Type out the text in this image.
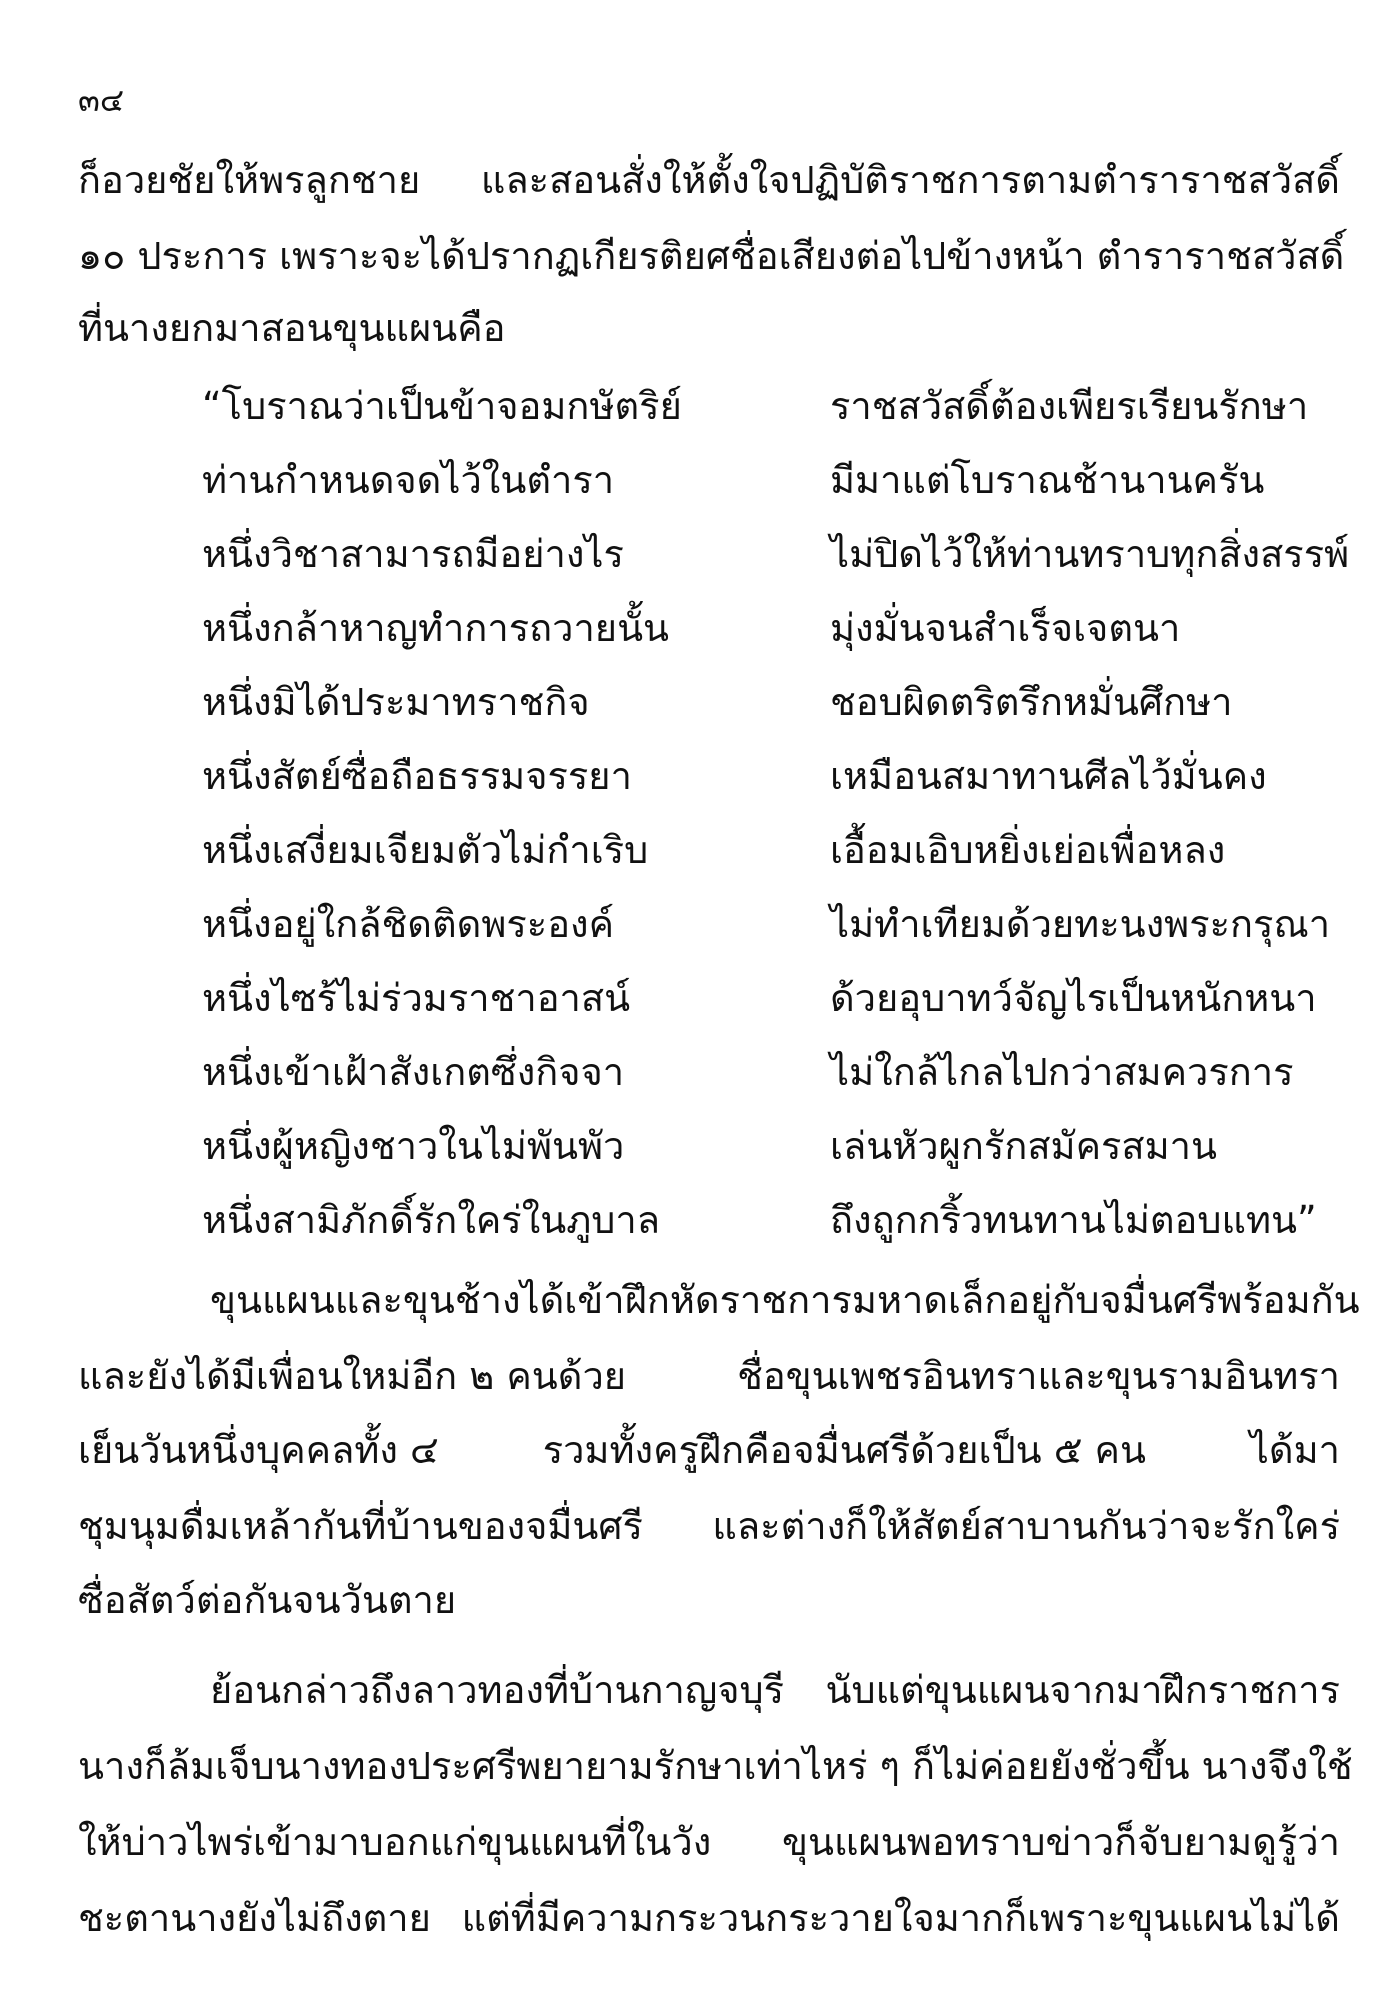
๓๔
ก็อวยชัยให้พรลูกชาย และสอนสั่งให้ตั้งใจปฏิบัติราชการตามตำราราชสวัสดิ์
๑๐ ประการ เพราะจะได้ปรากฏเกียรติยศชื่อเสียงต่อไปข้างหน้า ตำราราชสวัสดิ์
ที่นางยกมาสอนขุนแผนคือ
“โบราณว่าเป็นข้าจอมกษัตริย์	ราชสวัสดิ์ต้องเพียรเรียนรักษา
ท่านกำหนดจดไว้ในตำรา	มีมาแต่โบราณช้านานครัน
หนึ่งวิชาสามารถมีอย่างไร	ไม่ปิดไว้ให้ท่านทราบทุกสิ่งสรรพ์
หนึ่งกล้าหาญทำการถวายนั้น	มุ่งมั่นจนสำเร็จเจตนา
หนึ่งมิได้ประมาทราชกิจ	ชอบผิดตริตรึกหมั่นศึกษา
หนึ่งสัตย์ซื่อถือธรรมจรรยา	เหมือนสมาทานศีลไว้มั่นคง
หนึ่งเสงี่ยมเจียมตัวไม่กำเริบ	เอื้อมเอิบหยิ่งเย่อเพื่อหลง
หนึ่งอยู่ใกล้ชิดติดพระองค์	ไม่ทำเทียมด้วยทะนงพระกรุณา
หนึ่งไซร้ไม่ร่วมราชาอาสน์	ด้วยอุบาทว์จัญไรเป็นหนักหนา
หนึ่งเข้าเฝ้าสังเกตซึ่งกิจจา	ไม่ใกล้ไกลไปกว่าสมควรการ
หนึ่งผู้หญิงชาวในไม่พันพัว	เล่นหัวผูกรักสมัครสมาน
หนึ่งสามิภักดิ์รักใคร่ในภูบาล	ถึงถูกกริ้วทนทานไม่ตอบแทน”
ขุนแผนและขุนช้างได้เข้าฝึกหัดราชการมหาดเล็กอยู่กับจมื่นศรีพร้อมกัน
และยังได้มีเพื่อนใหม่อีก ๒ คนด้วย	ชื่อขุนเพชรอินทราและขุนรามอินทรา
เย็นวันหนึ่งบุคคลทั้ง ๔	รวมทั้งครูฝึกคือจมื่นศรีด้วยเป็น ๕ คน	ได้มา
ชุมนุมดื่มเหล้ากันที่บ้านของจมื่นศรี และต่างก็ให้สัตย์สาบานกันว่าจะรักใคร่
ซื่อสัตว์ต่อกันจนวันตาย
ย้อนกล่าวถึงลาวทองที่บ้านกาญจบุรี นับแต่ขุนแผนจากมาฝึกราชการ
นางก็ล้มเจ็บนางทองประศรีพยายามรักษาเท่าไหร่ ๆ ก็ไม่ค่อยยังชั่วขึ้น นางจึงใช้
ให้บ่าวไพร่เข้ามาบอกแก่ขุนแผนที่ในวัง ขุนแผนพอทราบข่าวก็จับยามดูรู้ว่า
ชะตานางยังไม่ถึงตาย แต่ที่มีความกระวนกระวายใจมากก็เพราะขุนแผนไม่ได้
